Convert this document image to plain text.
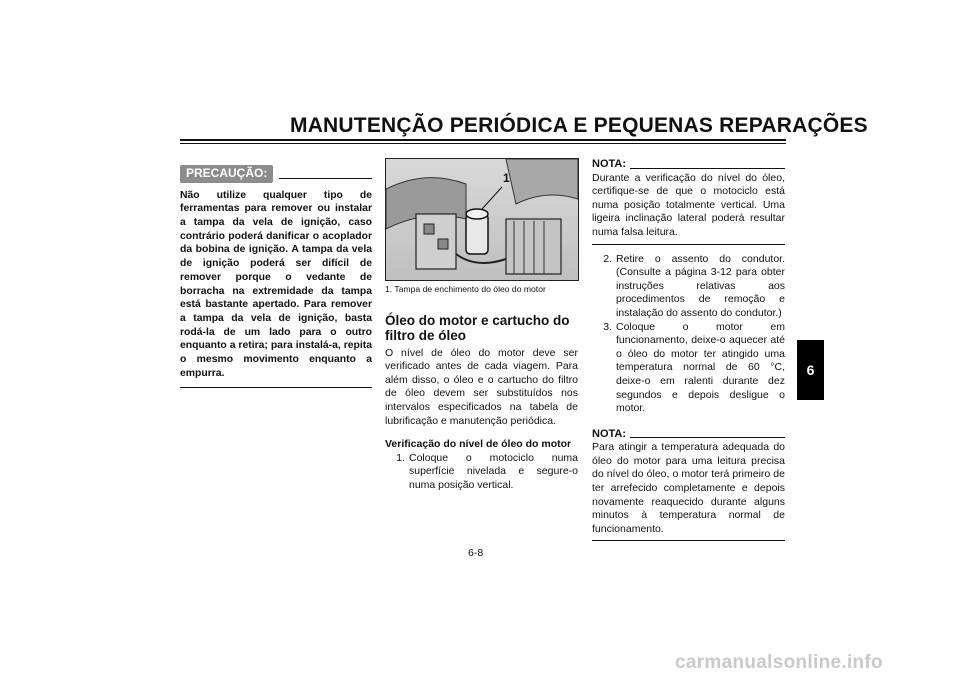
MANUTENÇÃO PERIÓDICA E PEQUENAS REPARAÇÕES
6
PRECAUÇÃO:
Não utilize qualquer tipo de ferramentas para remover ou instalar a tampa da vela de ignição, caso contrário poderá danificar o acoplador da bobina de ignição. A tampa da vela de ignição poderá ser difícil de remover porque o vedante de borracha na extremidade da tampa está bastante apertado. Para remover a tampa da vela de ignição, basta rodá-la de um lado para o outro enquanto a retira; para instalá-a, repita o mesmo movimento enquanto a empurra.
1
1. Tampa de enchimento do óleo do motor
Óleo do motor e cartucho do filtro de óleo
O nível de óleo do motor deve ser verificado antes de cada viagem. Para além disso, o óleo e o cartucho do filtro de óleo devem ser substituídos nos intervalos especificados na tabela de lubrificação e manutenção periódica.
Verificação do nível de óleo do motor
1. Coloque o motociclo numa superfície nivelada e segure-o numa posição vertical.
NOTA:
Durante a verificação do nível do óleo, certifique-se de que o motociclo está numa posição totalmente vertical. Uma ligeira inclinação lateral poderá resultar numa falsa leitura.
2. Retire o assento do condutor. (Consulte a página 3-12 para obter instruções relativas aos procedimentos de remoção e instalação do assento do condutor.)
3. Coloque o motor em funcionamento, deixe-o aquecer até o óleo do motor ter atingido uma temperatura normal de 60 °C, deixe-o em ralenti durante dez segundos e depois desligue o motor.
NOTA:
Para atingir a temperatura adequada do óleo do motor para uma leitura precisa do nível do óleo, o motor terá primeiro de ter arrefecido completamente e depois novamente reaquecido durante alguns minutos à temperatura normal de funcionamento.
6-8
carmanualsonline.info
